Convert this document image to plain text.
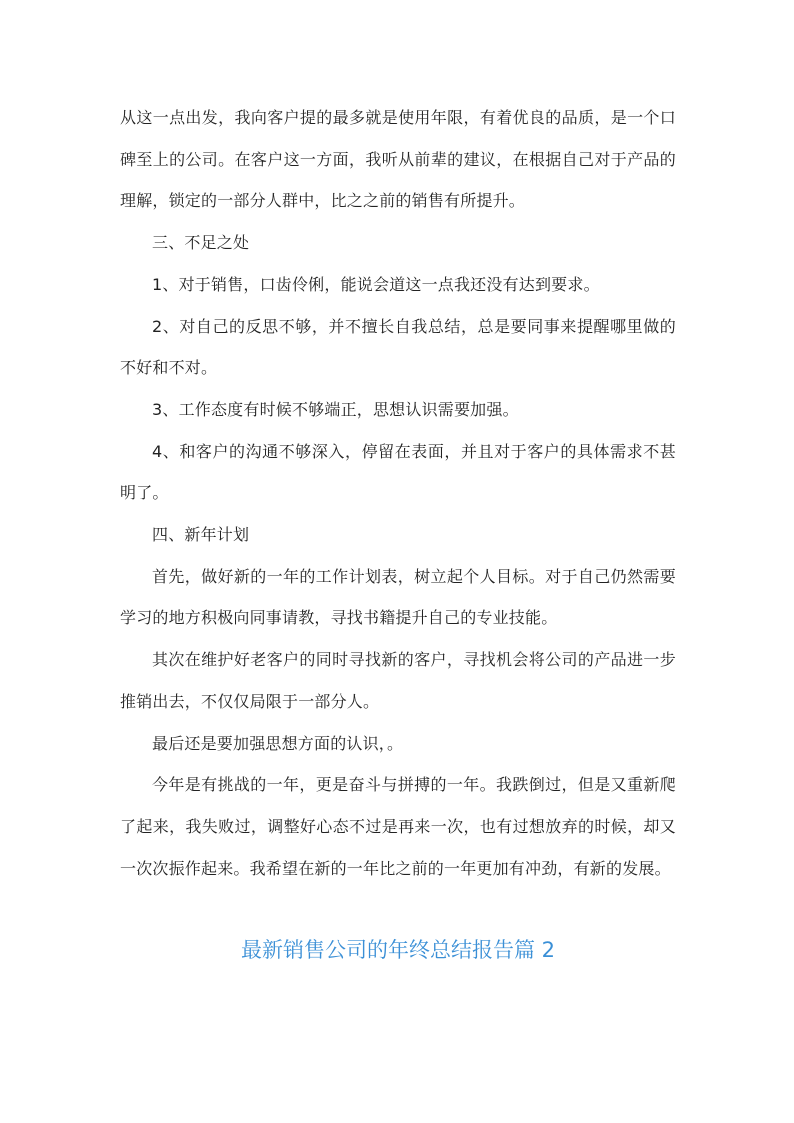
从这一点出发，我向客户提的最多就是使用年限，有着优良的品质，是一个口碑至上的公司。在客户这一方面，我听从前辈的建议，在根据自己对于产品的理解，锁定的一部分人群中，比之之前的销售有所提升。

三、不足之处

1、对于销售，口齿伶俐，能说会道这一点我还没有达到要求。

2、对自己的反思不够，并不擅长自我总结，总是要同事来提醒哪里做的不好和不对。

3、工作态度有时候不够端正，思想认识需要加强。

4、和客户的沟通不够深入，停留在表面，并且对于客户的具体需求不甚明了。

四、新年计划

首先，做好新的一年的工作计划表，树立起个人目标。对于自己仍然需要学习的地方积极向同事请教，寻找书籍提升自己的专业技能。

其次在维护好老客户的同时寻找新的客户，寻找机会将公司的产品进一步推销出去，不仅仅局限于一部分人。

最后还是要加强思想方面的认识，。

今年是有挑战的一年，更是奋斗与拼搏的一年。我跌倒过，但是又重新爬了起来，我失败过，调整好心态不过是再来一次，也有过想放弃的时候，却又一次次振作起来。我希望在新的一年比之前的一年更加有冲劲，有新的发展。

最新销售公司的年终总结报告篇 2
